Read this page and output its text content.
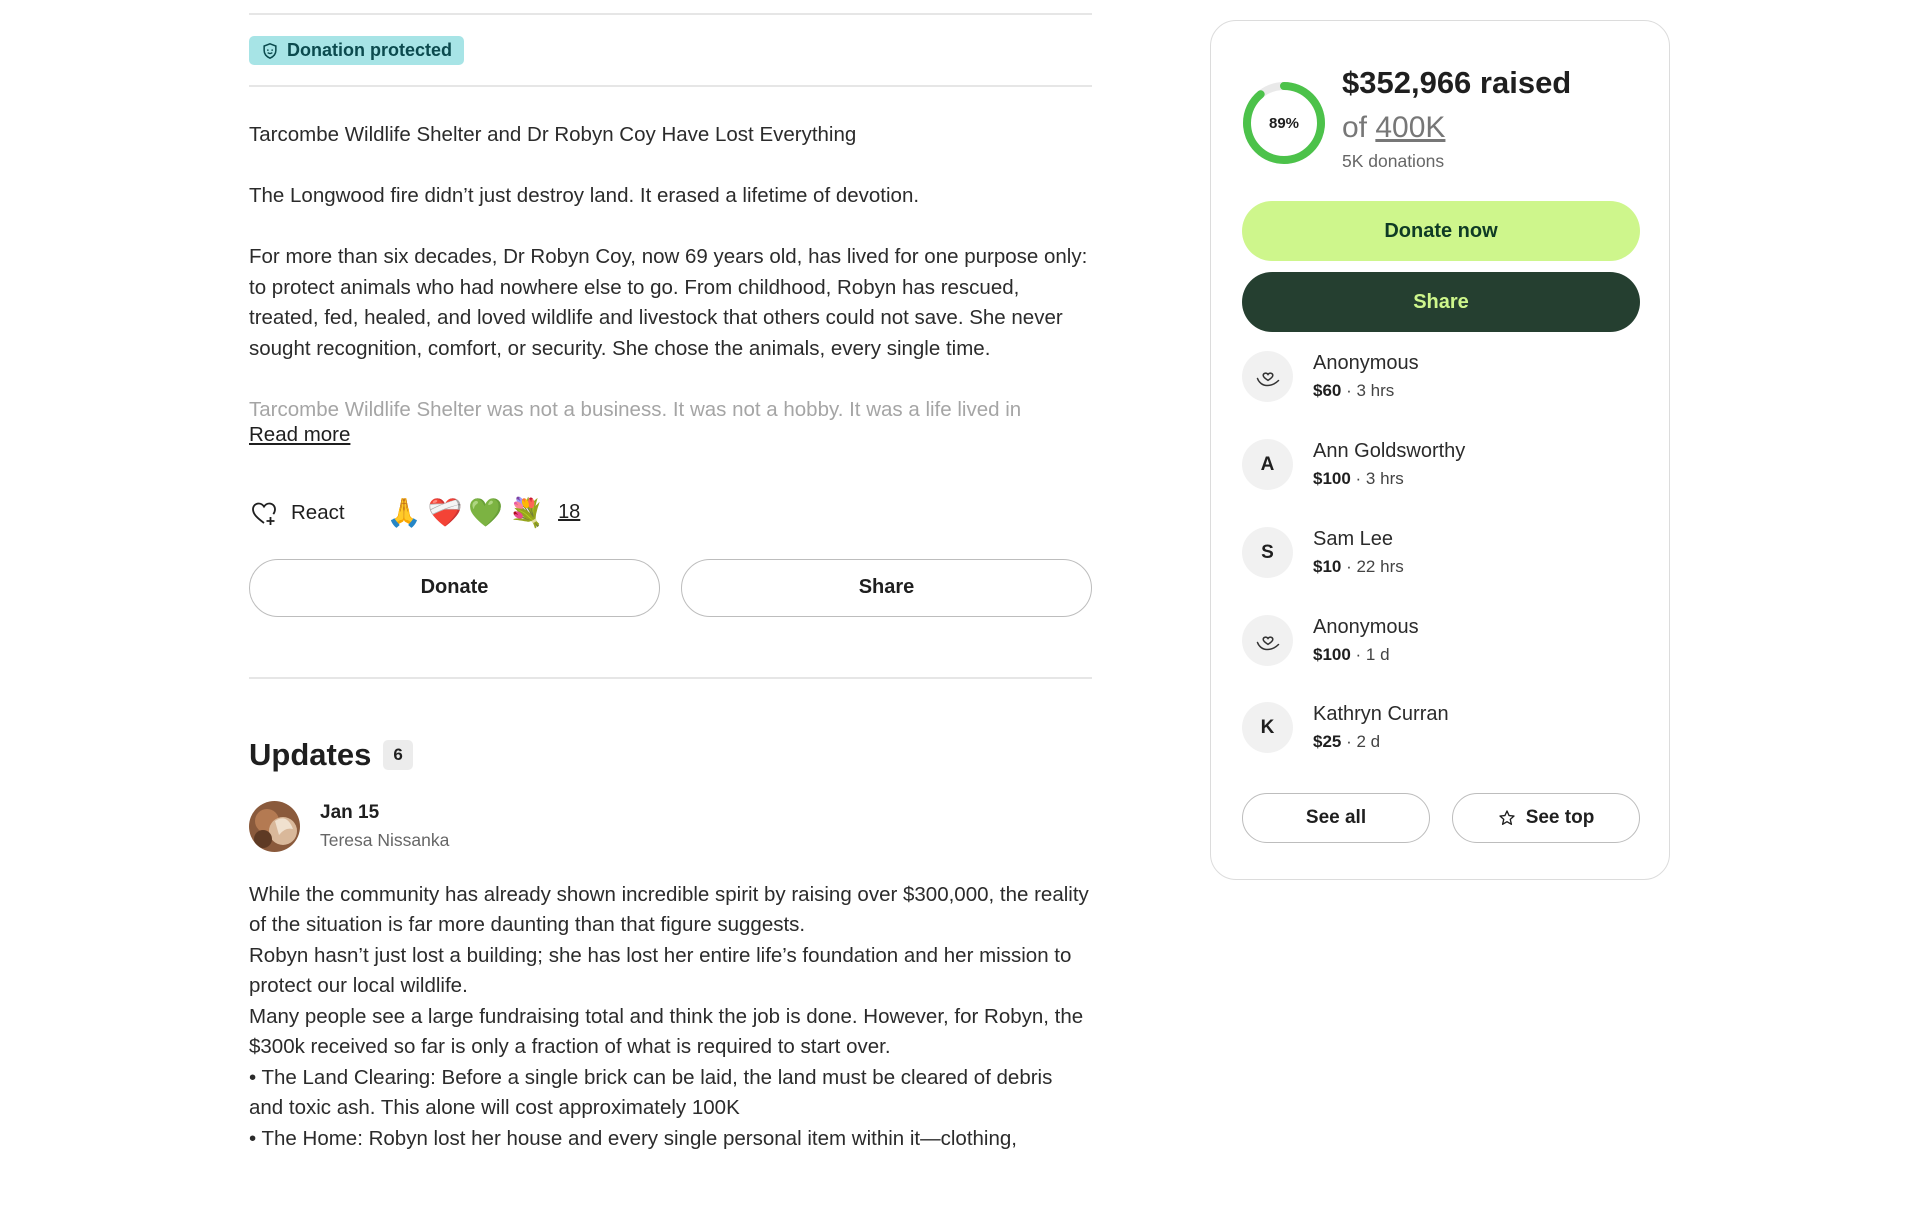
Donation protected

Tarcombe Wildlife Shelter and Dr Robyn Coy Have Lost Everything

The Longwood fire didn’t just destroy land. It erased a lifetime of devotion.

For more than six decades, Dr Robyn Coy, now 69 years old, has lived for one purpose only: to protect animals who had nowhere else to go. From childhood, Robyn has rescued, treated, fed, healed, and loved wildlife and livestock that others could not save. She never sought recognition, comfort, or security. She chose the animals, every single time.

Tarcombe Wildlife Shelter was not a business. It was not a hobby. It was a life lived in

Read more
React 🙏 ❤️‍🩹 💚 💐 18
Donate	Share
Updates	6
Jan 15
Teresa Nissanka

While the community has already shown incredible spirit by raising over $300,000, the reality of the situation is far more daunting than that figure suggests.

Robyn hasn’t just lost a building; she has lost her entire life’s foundation and her mission to protect our local wildlife.

Many people see a large fundraising total and think the job is done. However, for Robyn, the $300k received so far is only a fraction of what is required to start over.

• The Land Clearing: Before a single brick can be laid, the land must be cleared of debris and toxic ash. This alone will cost approximately 100K

• The Home: Robyn lost her house and every single personal item within it—clothing,

89%
$352,966 raised
of 400K
5K donations
Donate now
Share
Anonymous
$60 · 3 hrs
A
Ann Goldsworthy
$100 · 3 hrs
S
Sam Lee
$10 · 22 hrs
Anonymous
$100 · 1 d
K
Kathryn Curran
$25 · 2 d
See all	See top
